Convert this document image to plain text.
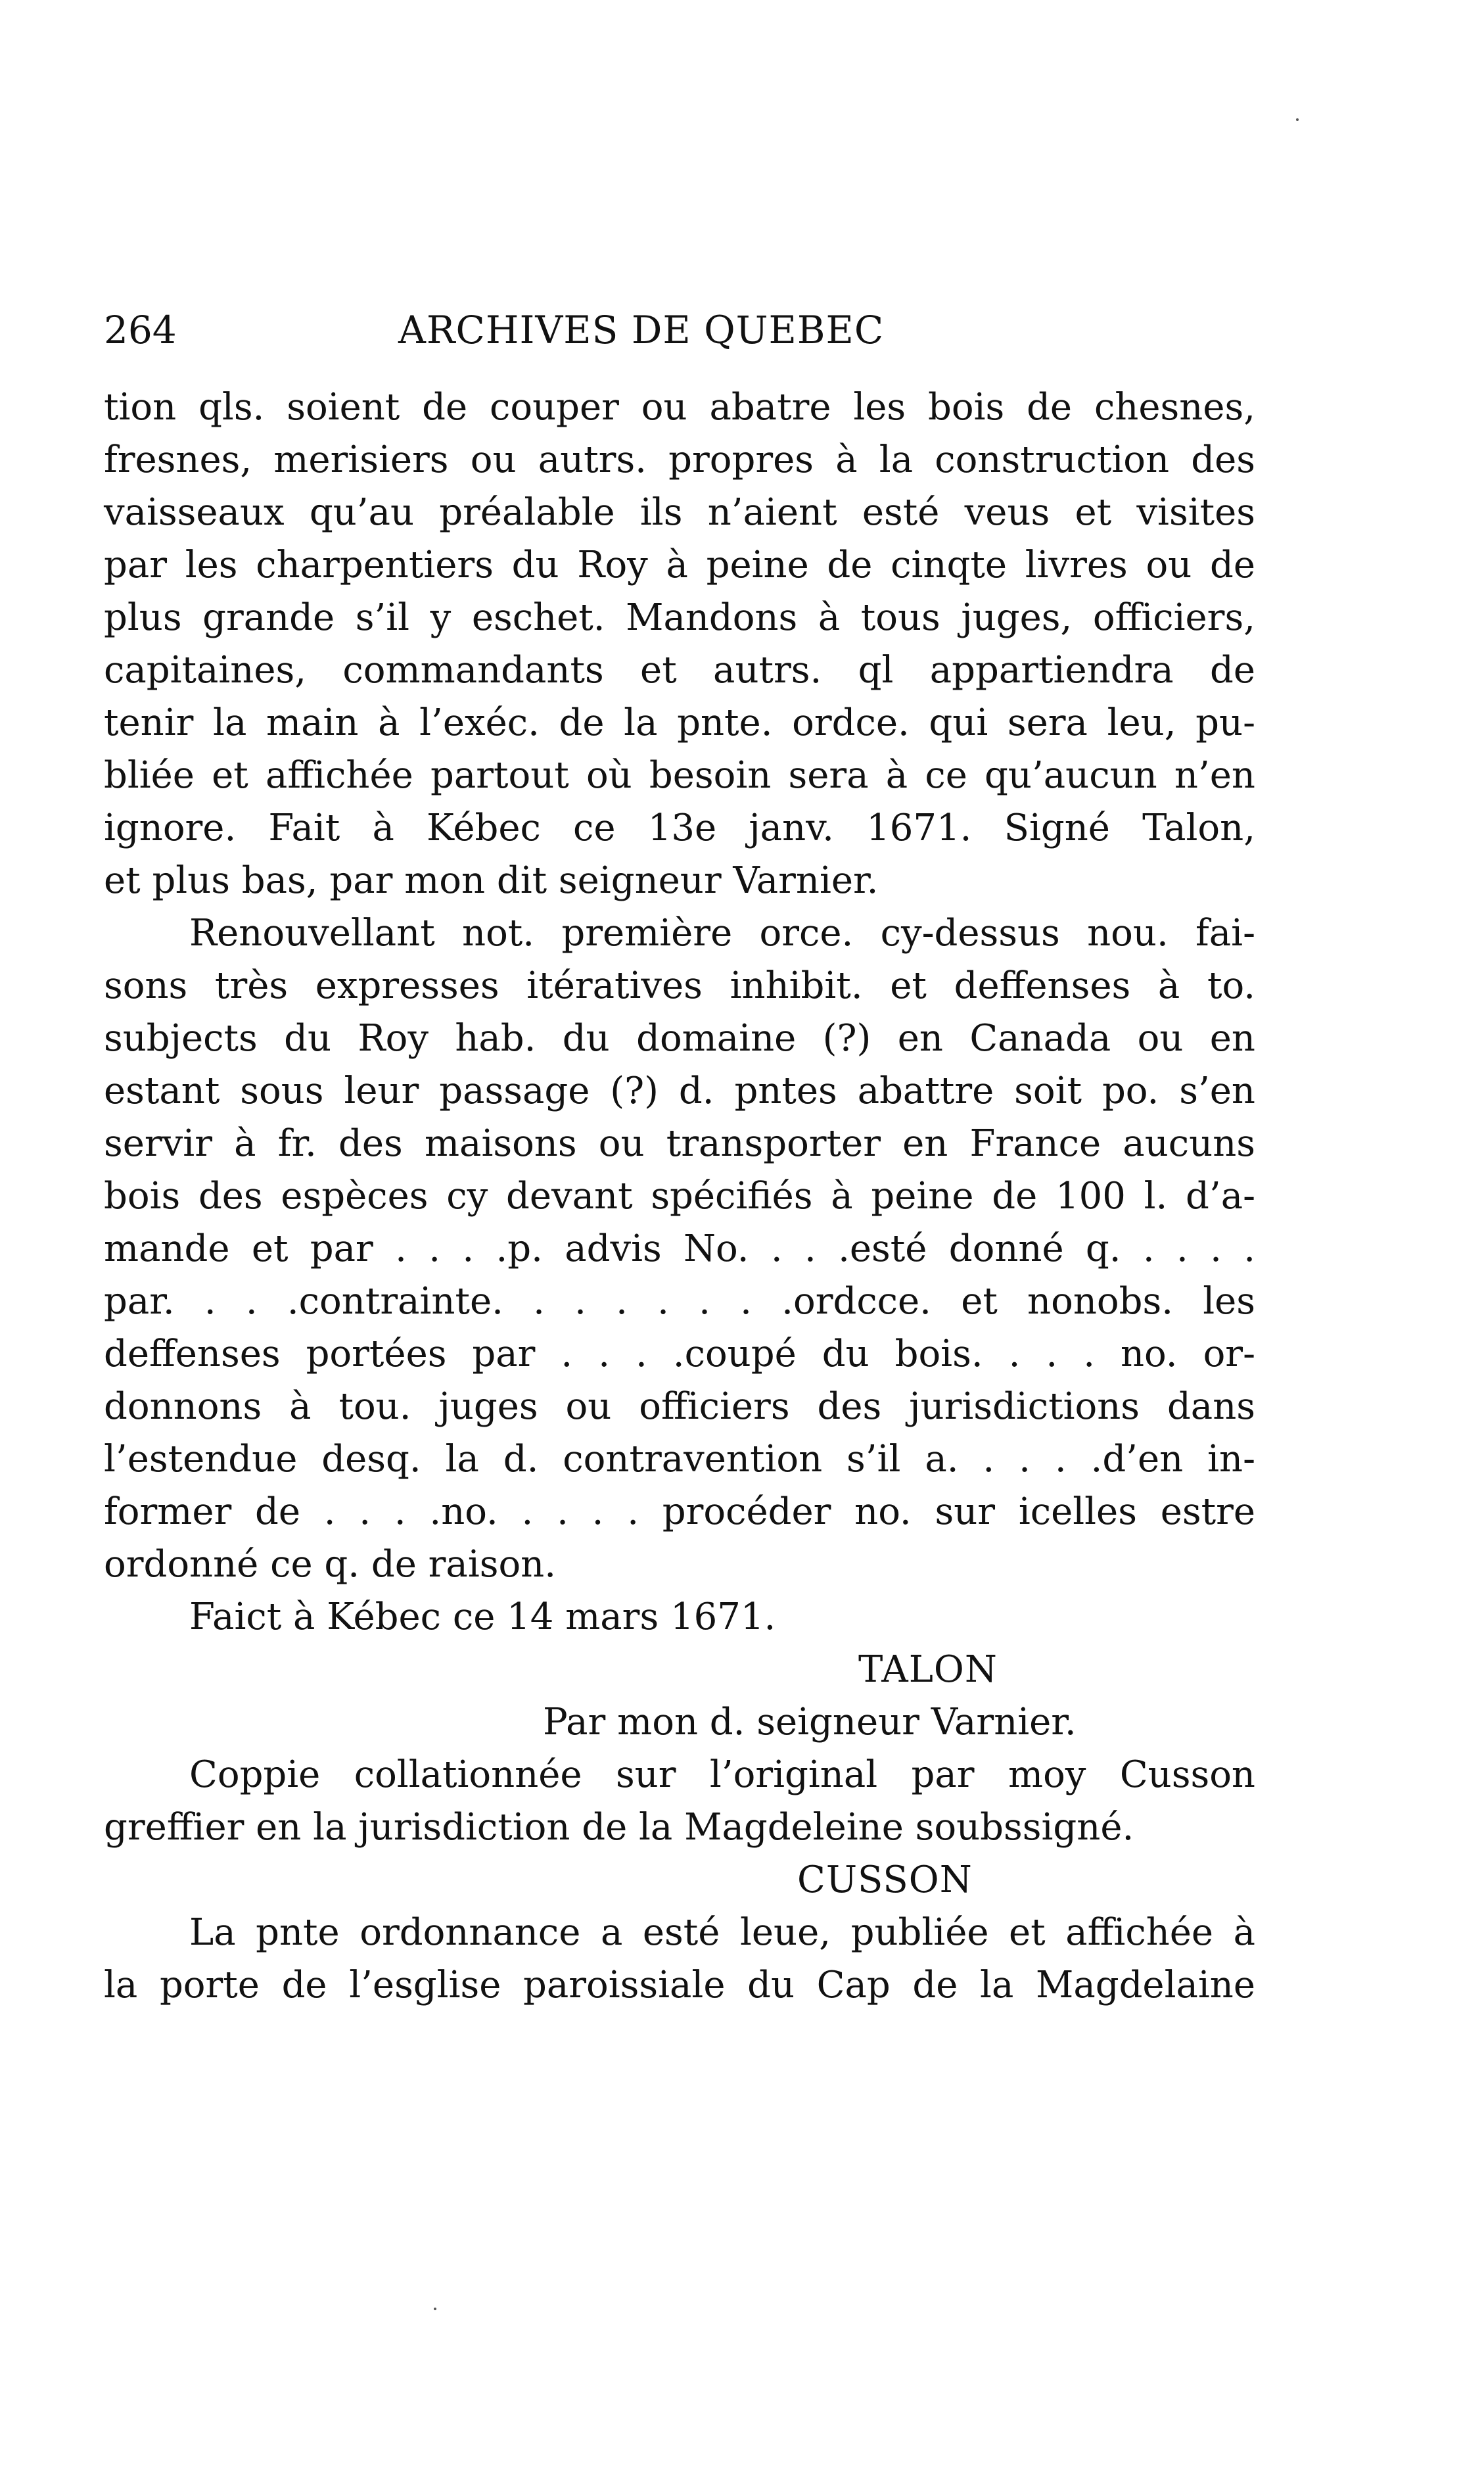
264	ARCHIVES DE QUEBEC
tion qls. soient de couper ou abatre les bois de chesnes,
fresnes, merisiers ou autrs. propres à la construction des
vaisseaux qu’au préalable ils n’aient esté veus et visites
par les charpentiers du Roy à peine de cinqte livres ou de
plus grande s’il y eschet. Mandons à tous juges, officiers,
capitaines, commandants et autrs. ql appartiendra de
tenir la main à l’exéc. de la pnte. ordce. qui sera leu, pu-
bliée et affichée partout où besoin sera à ce qu’aucun n’en
ignore. Fait à Kébec ce 13e janv. 1671. Signé Talon,
et plus bas, par mon dit seigneur Varnier.
Renouvellant not. première orce. cy-dessus nou. fai-
sons très expresses itératives inhibit. et deffenses à to.
subjects du Roy hab. du domaine (?) en Canada ou en
estant sous leur passage (?) d. pntes abattre soit po. s’en
servir à fr. des maisons ou transporter en France aucuns
bois des espèces cy devant spécifiés à peine de 100 l. d’a-
mande et par . . . .p. advis No. . . .esté donné q. . . . .
par. . . .contrainte. . . . . . . .ordcce. et nonobs. les
deffenses portées par . . . .coupé du bois. . . . no. or-
donnons à tou. juges ou officiers des jurisdictions dans
l’estendue desq. la d. contravention s’il a. . . . .d’en in-
former de . . . .no. . . . . procéder no. sur icelles estre
ordonné ce q. de raison.
Faict à Kébec ce 14 mars 1671.
TALON
Par mon d. seigneur Varnier.
Coppie collationnée sur l’original par moy Cusson
greffier en la jurisdiction de la Magdeleine soubssigné.
CUSSON
La pnte ordonnance a esté leue, publiée et affichée à
la porte de l’esglise paroissiale du Cap de la Magdelaine
